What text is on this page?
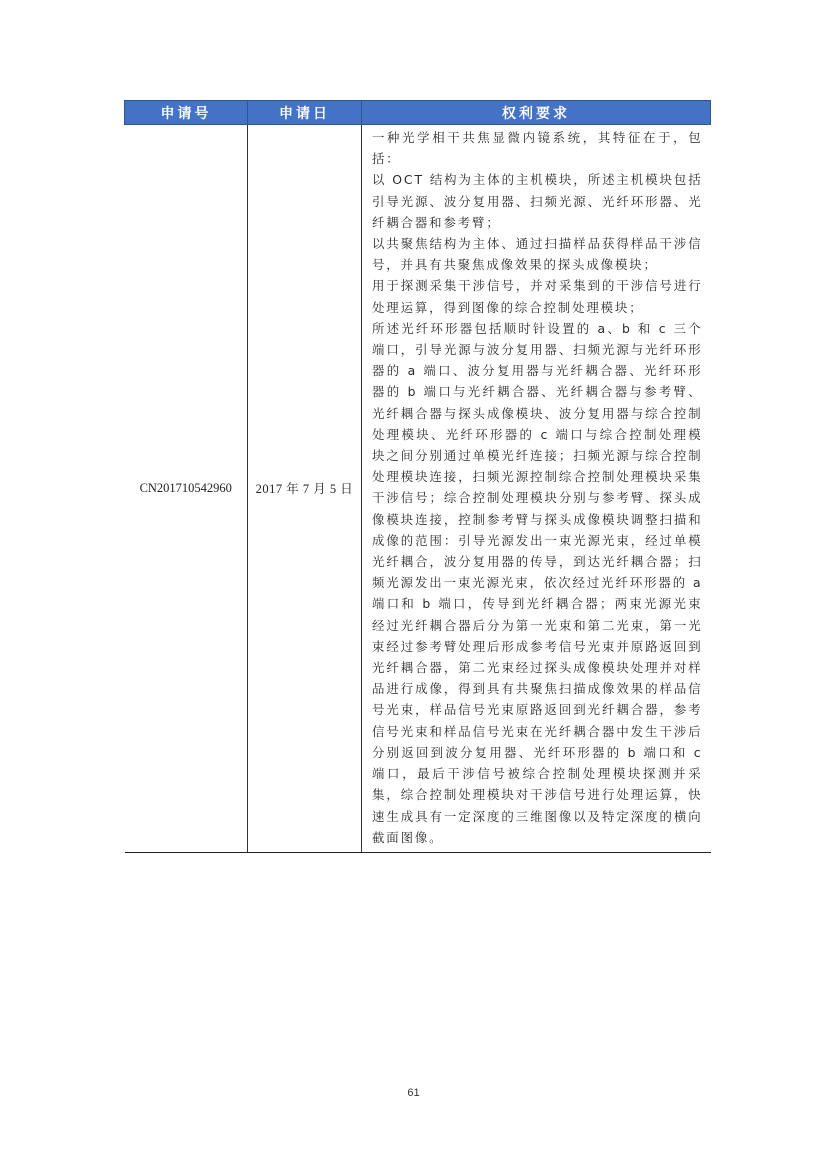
申请号	申请日	权利要求
CN201710542960	2017 年 7 月 5 日	一种光学相干共焦显微内镜系统，其特征在于，包括：
以 OCT 结构为主体的主机模块，所述主机模块包括引导光源、波分复用器、扫频光源、光纤环形器、光纤耦合器和参考臂；
以共聚焦结构为主体、通过扫描样品获得样品干涉信号，并具有共聚焦成像效果的探头成像模块；
用于探测采集干涉信号，并对采集到的干涉信号进行处理运算，得到图像的综合控制处理模块；
所述光纤环形器包括顺时针设置的 a、b 和 c 三个端口，引导光源与波分复用器、扫频光源与光纤环形器的 a 端口、波分复用器与光纤耦合器、光纤环形器的 b 端口与光纤耦合器、光纤耦合器与参考臂、光纤耦合器与探头成像模块、波分复用器与综合控制处理模块、光纤环形器的 c 端口与综合控制处理模块之间分别通过单模光纤连接；扫频光源与综合控制处理模块连接，扫频光源控制综合控制处理模块采集干涉信号；综合控制处理模块分别与参考臂、探头成像模块连接，控制参考臂与探头成像模块调整扫描和成像的范围：引导光源发出一束光源光束，经过单模光纤耦合，波分复用器的传导，到达光纤耦合器；扫频光源发出一束光源光束，依次经过光纤环形器的 a 端口和 b 端口，传导到光纤耦合器；两束光源光束经过光纤耦合器后分为第一光束和第二光束，第一光束经过参考臂处理后形成参考信号光束并原路返回到光纤耦合器，第二光束经过探头成像模块处理并对样品进行成像，得到具有共聚焦扫描成像效果的样品信号光束，样品信号光束原路返回到光纤耦合器，参考信号光束和样品信号光束在光纤耦合器中发生干涉后分别返回到波分复用器、光纤环形器的 b 端口和 c 端口，最后干涉信号被综合控制处理模块探测并采集，综合控制处理模块对干涉信号进行处理运算，快速生成具有一定深度的三维图像以及特定深度的横向截面图像。
61
